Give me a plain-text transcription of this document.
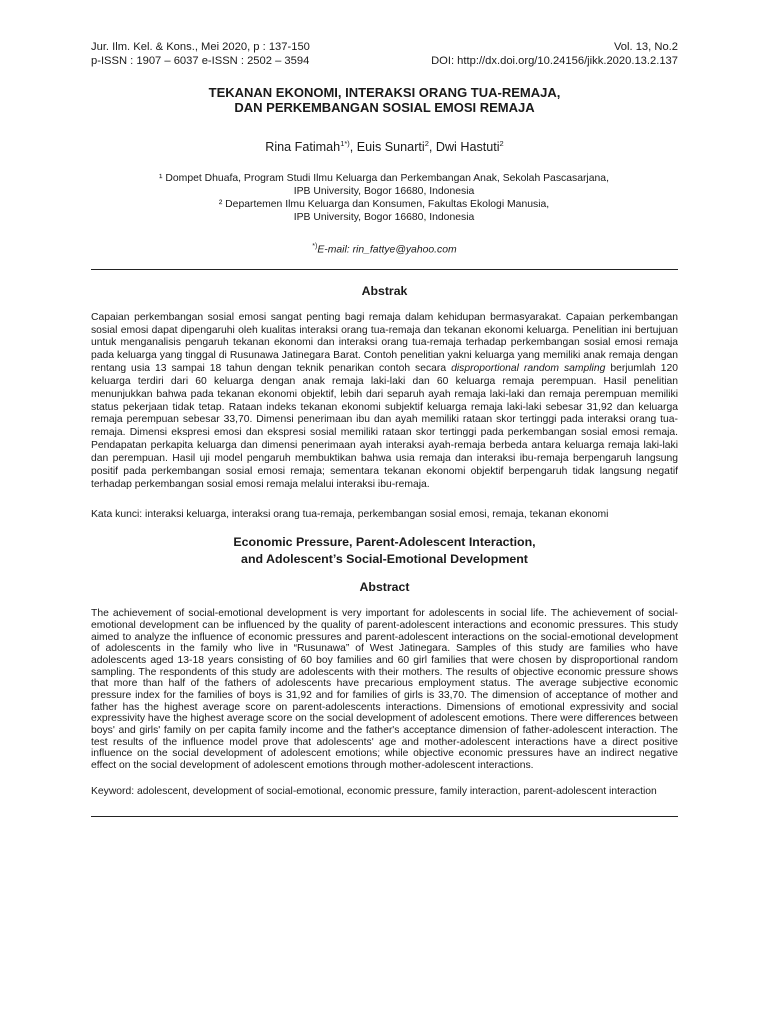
Jur. Ilm. Kel. & Kons., Mei 2020, p : 137-150	Vol. 13, No.2
p-ISSN : 1907 – 6037 e-ISSN : 2502 – 3594	DOI: http://dx.doi.org/10.24156/jikk.2020.13.2.137
TEKANAN EKONOMI, INTERAKSI ORANG TUA-REMAJA,
DAN PERKEMBANGAN SOSIAL EMOSI REMAJA
Rina Fatimah$^{1*)}$, Euis Sunarti$^2$, Dwi Hastuti$^2$
¹ Dompet Dhuafa, Program Studi Ilmu Keluarga dan Perkembangan Anak, Sekolah Pascasarjana,
IPB University, Bogor 16680, Indonesia
² Departemen Ilmu Keluarga dan Konsumen, Fakultas Ekologi Manusia,
IPB University, Bogor 16680, Indonesia
*)E-mail: rin_fattye@yahoo.com
Abstrak
Capaian perkembangan sosial emosi sangat penting bagi remaja dalam kehidupan bermasyarakat. Capaian perkembangan sosial emosi dapat dipengaruhi oleh kualitas interaksi orang tua-remaja dan tekanan ekonomi keluarga. Penelitian ini bertujuan untuk menganalisis pengaruh tekanan ekonomi dan interaksi orang tua-remaja terhadap perkembangan sosial emosi remaja pada keluarga yang tinggal di Rusunawa Jatinegara Barat. Contoh penelitian yakni keluarga yang memiliki anak remaja dengan rentang usia 13 sampai 18 tahun dengan teknik penarikan contoh secara disproportional random sampling berjumlah 120 keluarga terdiri dari 60 keluarga dengan anak remaja laki-laki dan 60 keluarga remaja perempuan. Hasil penelitian menunjukkan bahwa pada tekanan ekonomi objektif, lebih dari separuh ayah remaja laki-laki dan remaja perempuan memiliki status pekerjaan tidak tetap. Rataan indeks tekanan ekonomi subjektif keluarga remaja laki-laki sebesar 31,92 dan keluarga remaja perempuan sebesar 33,70. Dimensi penerimaan ibu dan ayah memiliki rataan skor tertinggi pada interaksi orang tua-remaja. Dimensi ekspresi emosi dan ekspresi sosial memiliki rataan skor tertinggi pada perkembangan sosial emosi remaja. Pendapatan perkapita keluarga dan dimensi penerimaan ayah interaksi ayah-remaja berbeda antara keluarga remaja laki-laki dan perempuan. Hasil uji model pengaruh membuktikan bahwa usia remaja dan interaksi ibu-remaja berpengaruh langsung positif pada perkembangan sosial emosi remaja; sementara tekanan ekonomi objektif berpengaruh tidak langsung negatif terhadap perkembangan sosial emosi remaja melalui interaksi ibu-remaja.
Kata kunci: interaksi keluarga, interaksi orang tua-remaja, perkembangan sosial emosi, remaja, tekanan ekonomi
Economic Pressure, Parent-Adolescent Interaction,
and Adolescent’s Social-Emotional Development
Abstract
The achievement of social-emotional development is very important for adolescents in social life. The achievement of social-emotional development can be influenced by the quality of parent-adolescent interactions and economic pressures. This study aimed to analyze the influence of economic pressures and parent-adolescent interactions on the social-emotional development of adolescents in the family who live in “Rusunawa” of West Jatinegara. Samples of this study are families who have adolescents aged 13-18 years consisting of 60 boy families and 60 girl families that were chosen by disproportional random sampling. The respondents of this study are adolescents with their mothers. The results of objective economic pressure shows that more than half of the fathers of adolescents have precarious employment status. The average subjective economic pressure index for the families of boys is 31,92 and for families of girls is 33,70. The dimension of acceptance of mother and father has the highest average score on parent-adolescents interactions. Dimensions of emotional expressivity and social expressivity have the highest average score on the social development of adolescent emotions. There were differences between boys' and girls' family on per capita family income and the father's acceptance dimension of father-adolescent interaction. The test results of the influence model prove that adolescents' age and mother-adolescent interactions have a direct positive influence on the social development of adolescent emotions; while objective economic pressures have an indirect negative effect on the social development of adolescent emotions through mother-adolescent interactions.
Keyword: adolescent, development of social-emotional, economic pressure, family interaction, parent-adolescent interaction
